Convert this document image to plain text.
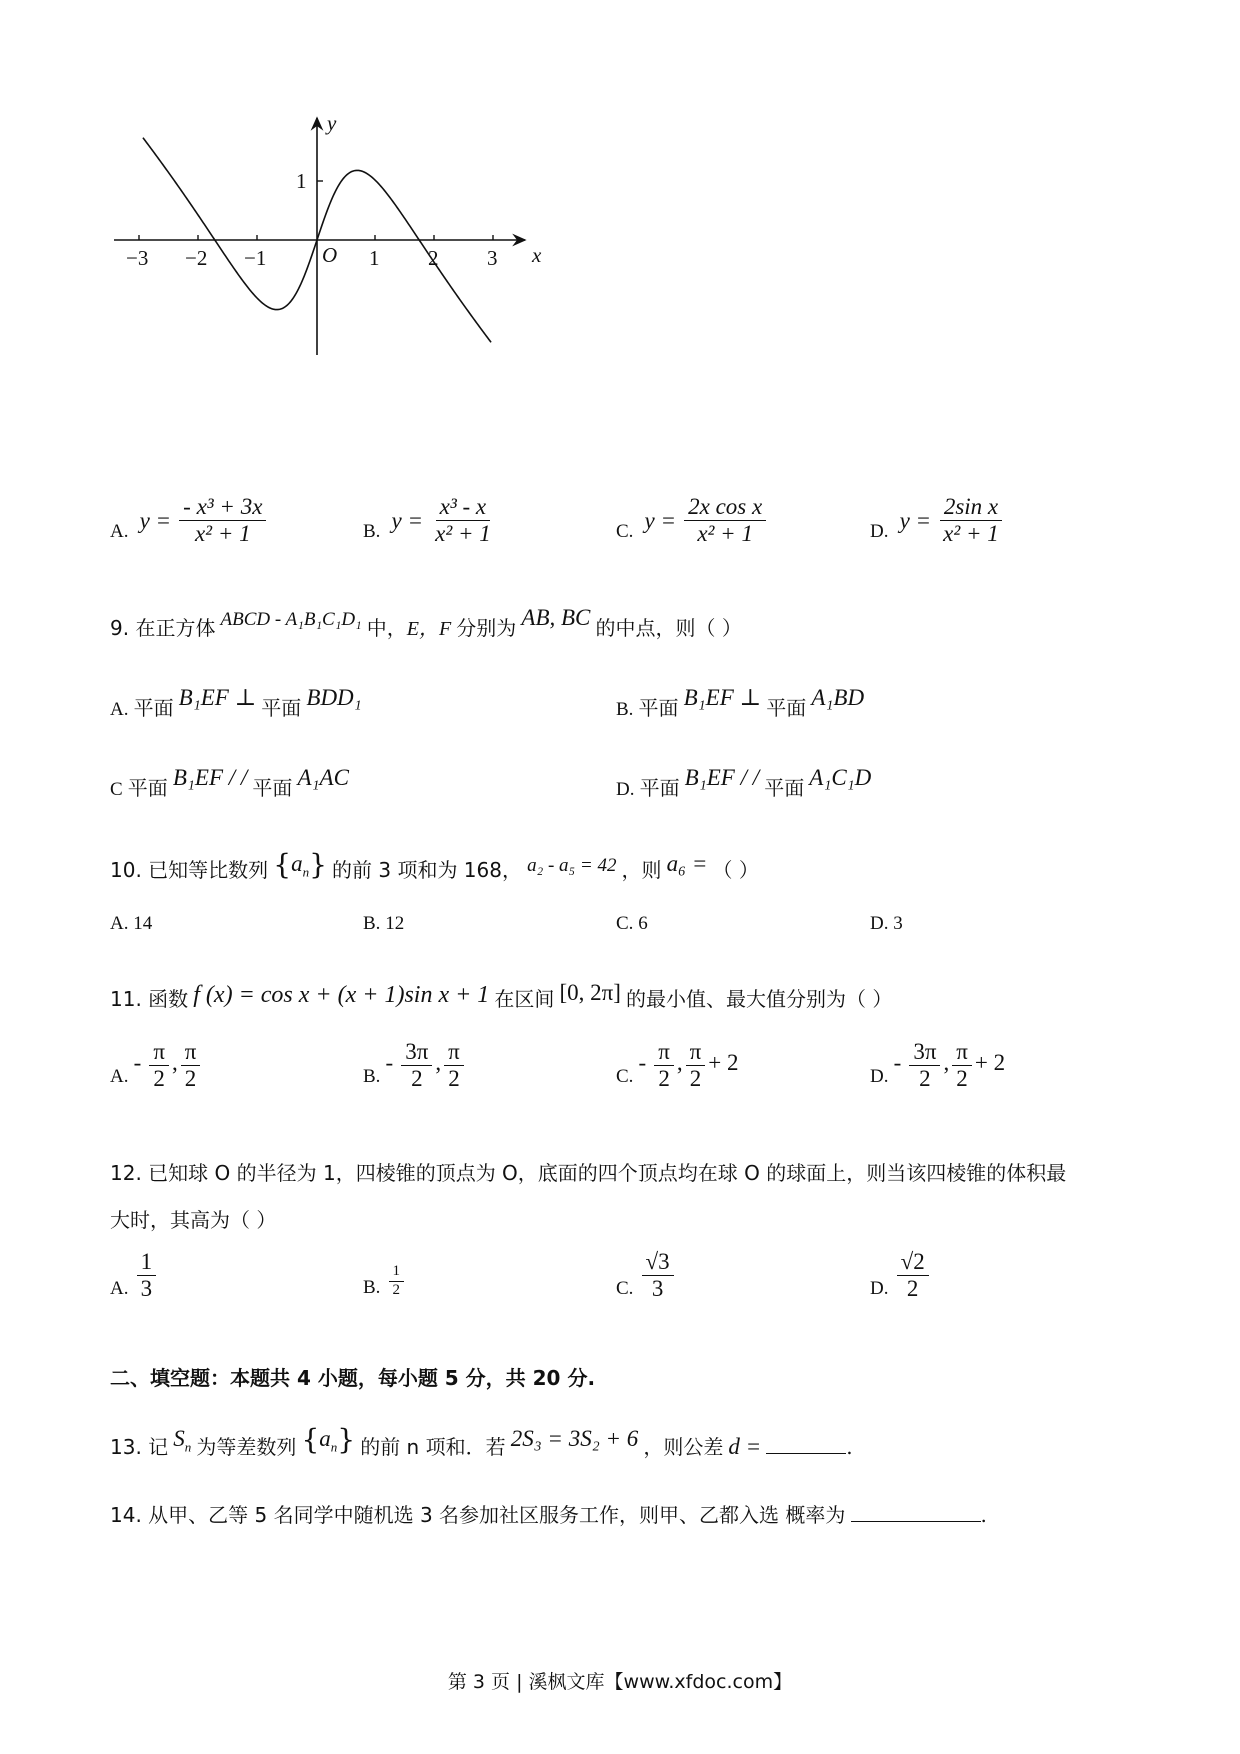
y
x
O
1
−3 −2 −1	1 2 3
A. $y = \frac{\text{- x³ + 3x}}{\text{x² + 1}}$	B. $y = \frac{\text{x³ - x}}{\text{x² + 1}}$	C. $y = \frac{\text{2x cos x}}{\text{x² + 1}}$	D. $y = \frac{\text{2sin x}}{\text{x² + 1}}$
9. 在正方体 ABCD - A₁B₁C₁D₁ 中，E，F 分别为 AB, BC 的中点，则（ ）
A. 平面 B₁EF ⊥ 平面 BDD₁	B. 平面 B₁EF ⊥ 平面 A₁BD
C 平面 B₁EF / / 平面 A₁AC	D. 平面 B₁EF / / 平面 A₁C₁D
10. 已知等比数列 $\{a_n\}$ 的前 3 项和为 168， a₂ - a₅ = 42 ，则 a₆ = （ ）
A. 14	B. 12	C. 6	D. 3
11. 函数 f (x) = cos x + (x + 1)sin x + 1 在区间 [0, 2π] 的最小值、最大值分别为（ ）
A. - $\frac{\pi}{2}$ , $\frac{\pi}{2}$	B. - $\frac{3\pi}{2}$ , $\frac{\pi}{2}$	C. - $\frac{\pi}{2}$ , $\frac{\pi}{2} + 2$
D. - $\frac{3\pi}{2}$ , $\frac{\pi}{2} + 2$
12. 已知球 O 的半径为 1，四棱锥的顶点为 O，底面的四个顶点均在球 O 的球面上，则当该四棱锥的体积最
大时，其高为（ ）
A. $\frac{1}{3}$	B. $\frac{1}{2}$	C. $\frac{√3}{3}$	D. $\frac{√2}{2}$
二、填空题：本题共 4 小题，每小题 5 分，共 20 分.
13. 记 $S_n$ 为等差数列 $\{a_n\}$ 的前 n 项和．若 2S₃ = 3S₂ + 6 ，则公差 d =	.
14. 从甲、乙等 5 名同学中随机选 3 名参加社区服务工作，则甲、乙都入选 概率为	.
第 3 页 | 溪枫文库【www.xfdoc.com】
